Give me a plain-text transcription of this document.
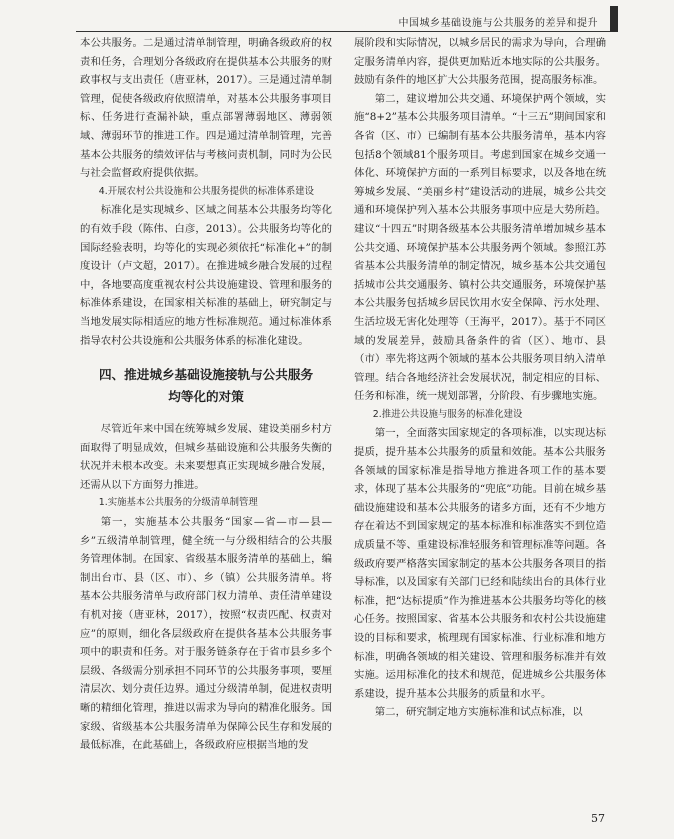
中国城乡基础设施与公共服务的差异和提升

本公共服务。二是通过清单制管理，明确各级政府的权责和任务，合理划分各级政府在提供基本公共服务的财政事权与支出责任（唐亚林，2017）。三是通过清单制管理，促使各级政府依照清单，对基本公共服务事项目标、任务进行查漏补缺，重点部署薄弱地区、薄弱领域、薄弱环节的推进工作。四是通过清单制管理，完善基本公共服务的绩效评估与考核问责机制，同时为公民与社会监督政府提供依据。

4.开展农村公共设施和公共服务提供的标准体系建设

标准化是实现城乡、区域之间基本公共服务均等化的有效手段（陈伟、白彦，2013）。公共服务均等化的国际经验表明，均等化的实现必须依托“标准化+”的制度设计（卢文超，2017）。在推进城乡融合发展的过程中，各地要高度重视农村公共设施建设、管理和服务的标准体系建设，在国家相关标准的基础上，研究制定与当地发展实际相适应的地方性标准规范。通过标准体系指导农村公共设施和公共服务体系的标准化建设。

四、推进城乡基础设施接轨与公共服务
均等化的对策

尽管近年来中国在统筹城乡发展、建设美丽乡村方面取得了明显成效，但城乡基础设施和公共服务失衡的状况并未根本改变。未来要想真正实现城乡融合发展，还需从以下方面努力推进。

1.实施基本公共服务的分级清单制管理

第一，实施基本公共服务“国家—省—市—县—乡”五级清单制管理，健全统一与分级相结合的公共服务管理体制。在国家、省级基本服务清单的基础上，编制出台市、县（区、市）、乡（镇）公共服务清单。将基本公共服务清单与政府部门权力清单、责任清单建设有机对接（唐亚林，2017），按照“权责匹配、权责对应”的原则，细化各层级政府在提供各基本公共服务事项中的职责和任务。对于服务链条存在于省市县乡多个层级、各级需分别承担不同环节的公共服务事项，要厘清层次、划分责任边界。通过分级清单制，促进权责明晰的精细化管理，推进以需求为导向的精准化服务。国家级、省级基本公共服务清单为保障公民生存和发展的最低标准，在此基础上，各级政府应根据当地的发

展阶段和实际情况，以城乡居民的需求为导向，合理确定服务清单内容，提供更加贴近本地实际的公共服务。鼓励有条件的地区扩大公共服务范围，提高服务标准。

第二，建议增加公共交通、环境保护两个领域，实施“8+2”基本公共服务项目清单。“十三五”期间国家和各省（区、市）已编制有基本公共服务清单，基本内容包括8个领域81个服务项目。考虑到国家在城乡交通一体化、环境保护方面的一系列目标要求，以及各地在统筹城乡发展、“美丽乡村”建设活动的进展，城乡公共交通和环境保护列入基本公共服务事项中应是大势所趋。建议“十四五”时期各级基本公共服务清单增加城乡基本公共交通、环境保护基本公共服务两个领域。参照江苏省基本公共服务清单的制定情况，城乡基本公共交通包括城市公共交通服务、镇村公共交通服务，环境保护基本公共服务包括城乡居民饮用水安全保障、污水处理、生活垃圾无害化处理等（王海平，2017）。基于不同区域的发展差异，鼓励具备条件的省（区）、地市、县（市）率先将这两个领域的基本公共服务项目纳入清单管理。结合各地经济社会发展状况，制定相应的目标、任务和标准，统一规划部署，分阶段、有步骤地实施。

2.推进公共设施与服务的标准化建设

第一，全面落实国家规定的各项标准，以实现达标提质，提升基本公共服务的质量和效能。基本公共服务各领域的国家标准是指导地方推进各项工作的基本要求，体现了基本公共服务的“兜底”功能。目前在城乡基础设施建设和基本公共服务的诸多方面，还有不少地方存在着达不到国家规定的基本标准和标准落实不到位造成质量不等、重建设标准轻服务和管理标准等问题。各级政府要严格落实国家制定的基本公共服务各项目的指导标准，以及国家有关部门已经和陆续出台的具体行业标准，把“达标提质”作为推进基本公共服务均等化的核心任务。按照国家、省基本公共服务和农村公共设施建设的目标和要求，梳理现有国家标准、行业标准和地方标准，明确各领域的相关建设、管理和服务标准并有效实施。运用标准化的技术和规范，促进城乡公共服务体系建设，提升基本公共服务的质量和水平。

第二，研究制定地方实施标准和试点标准，以

57
